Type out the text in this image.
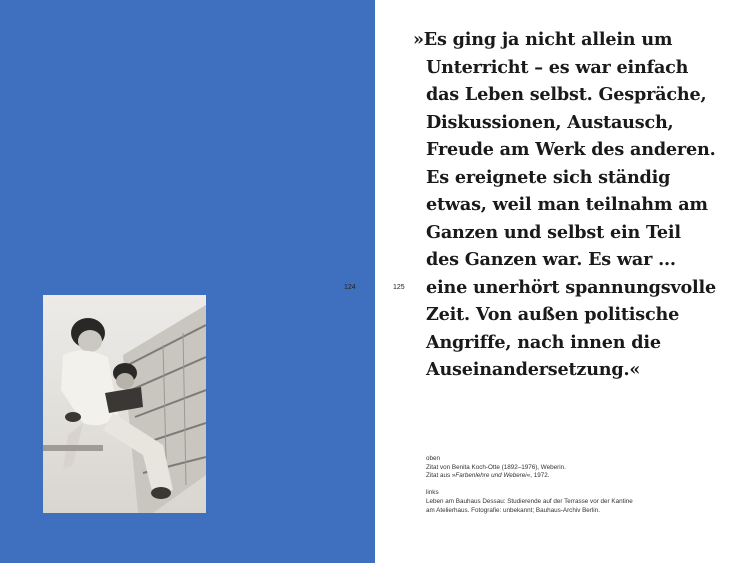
124	125

»Es ging ja nicht allein um
Unterricht – es war einfach
das Leben selbst. Gespräche,
Diskussionen, Austausch,
Freude am Werk des anderen.
Es ereignete sich ständig
etwas, weil man teilnahm am
Ganzen und selbst ein Teil
des Ganzen war. Es war ...
eine unerhört spannungsvolle
Zeit. Von außen politische
Angriffe, nach innen die
Auseinandersetzung.«

oben
Zitat von Benita Koch-Otte (1892–1976), Weberin.
Zitat aus »Farbenlehre und Weberei«, 1972.
links
Leben am Bauhaus Dessau: Studierende auf der Terrasse vor der Kantine
am Atelierhaus. Fotografie: unbekannt; Bauhaus-Archiv Berlin.
